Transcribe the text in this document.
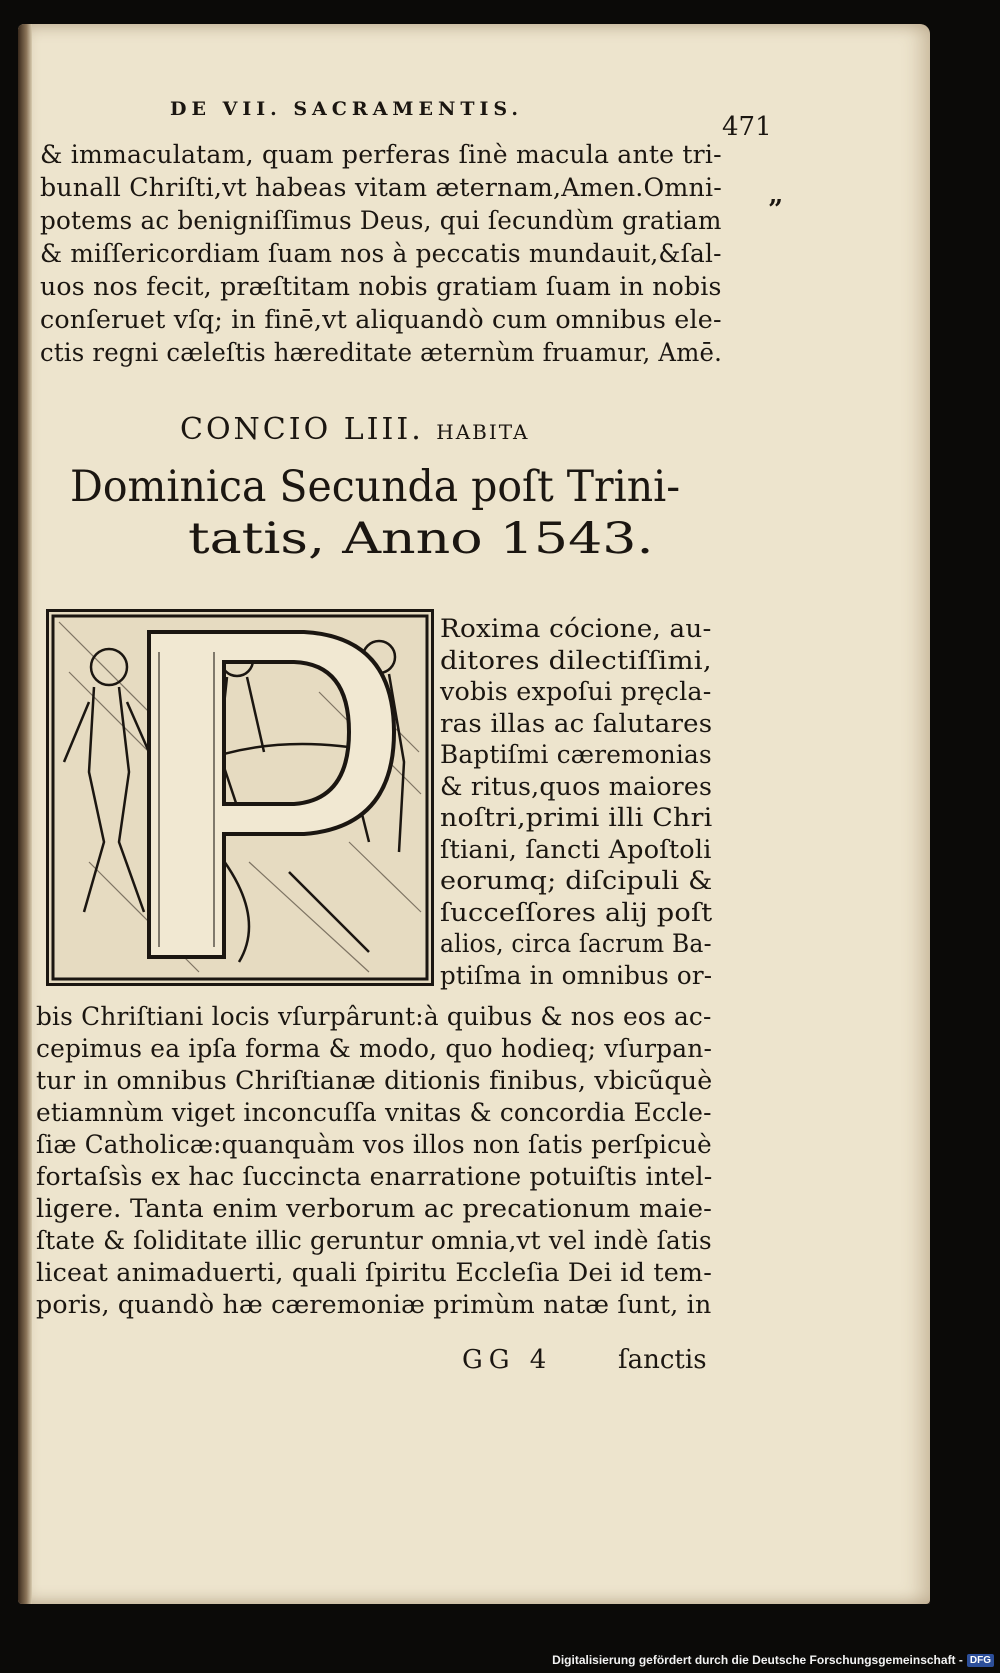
DE VII. SACRAMENTIS.
471
”
& immaculatam, quam perferas ſinè macula ante tri-
bunall Chriſti,vt habeas vitam æternam,Amen.Omni-
potems ac benigniſſimus Deus, qui ſecundùm gratiam
& miſſericordiam ſuam nos à peccatis mundauit,&ſal-
uos nos fecit, præſtitam nobis gratiam ſuam in nobis
conſeruet vſq; in finē,vt aliquandò cum omnibus ele-
ctis regni cæleſtis hæreditate æternùm fruamur, Amē.
CONCIO LIII. HABITA
Dominica Secunda poſt Trini-
tatis, Anno 1543.
Roxima cócione, au-
ditores dilectiſſimi,
vobis expoſui pręcla-
ras illas ac ſalutares
Baptiſmi cæremonias
& ritus,quos maiores
noſtri,primi illi Chri
ſtiani, ſancti Apoſtoli
eorumq; diſcipuli &
ſucceſſores alij poſt
alios, circa ſacrum Ba-
ptiſma in omnibus or-
bis Chriſtiani locis vſurpârunt:à quibus & nos eos ac-
cepimus ea ipſa forma & modo, quo hodieq; vſurpan-
tur in omnibus Chriſtianæ ditionis finibus, vbicũquè
etiamnùm viget inconcuſſa vnitas & concordia Eccle-
ſiæ Catholicæ:quanquàm vos illos non ſatis perſpicuè
fortaſsìs ex hac ſuccincta enarratione potuiſtis intel-
ligere. Tanta enim verborum ac precationum maie-
ſtate & ſoliditate illic geruntur omnia,vt vel indè ſatis
liceat animaduerti, quali ſpiritu Eccleſia Dei id tem-
poris, quandò hæ cæremoniæ primùm natæ ſunt, in
GG 4	ſanctis
Digitalisierung gefördert durch die Deutsche Forschungsgemeinschaft - DFG
